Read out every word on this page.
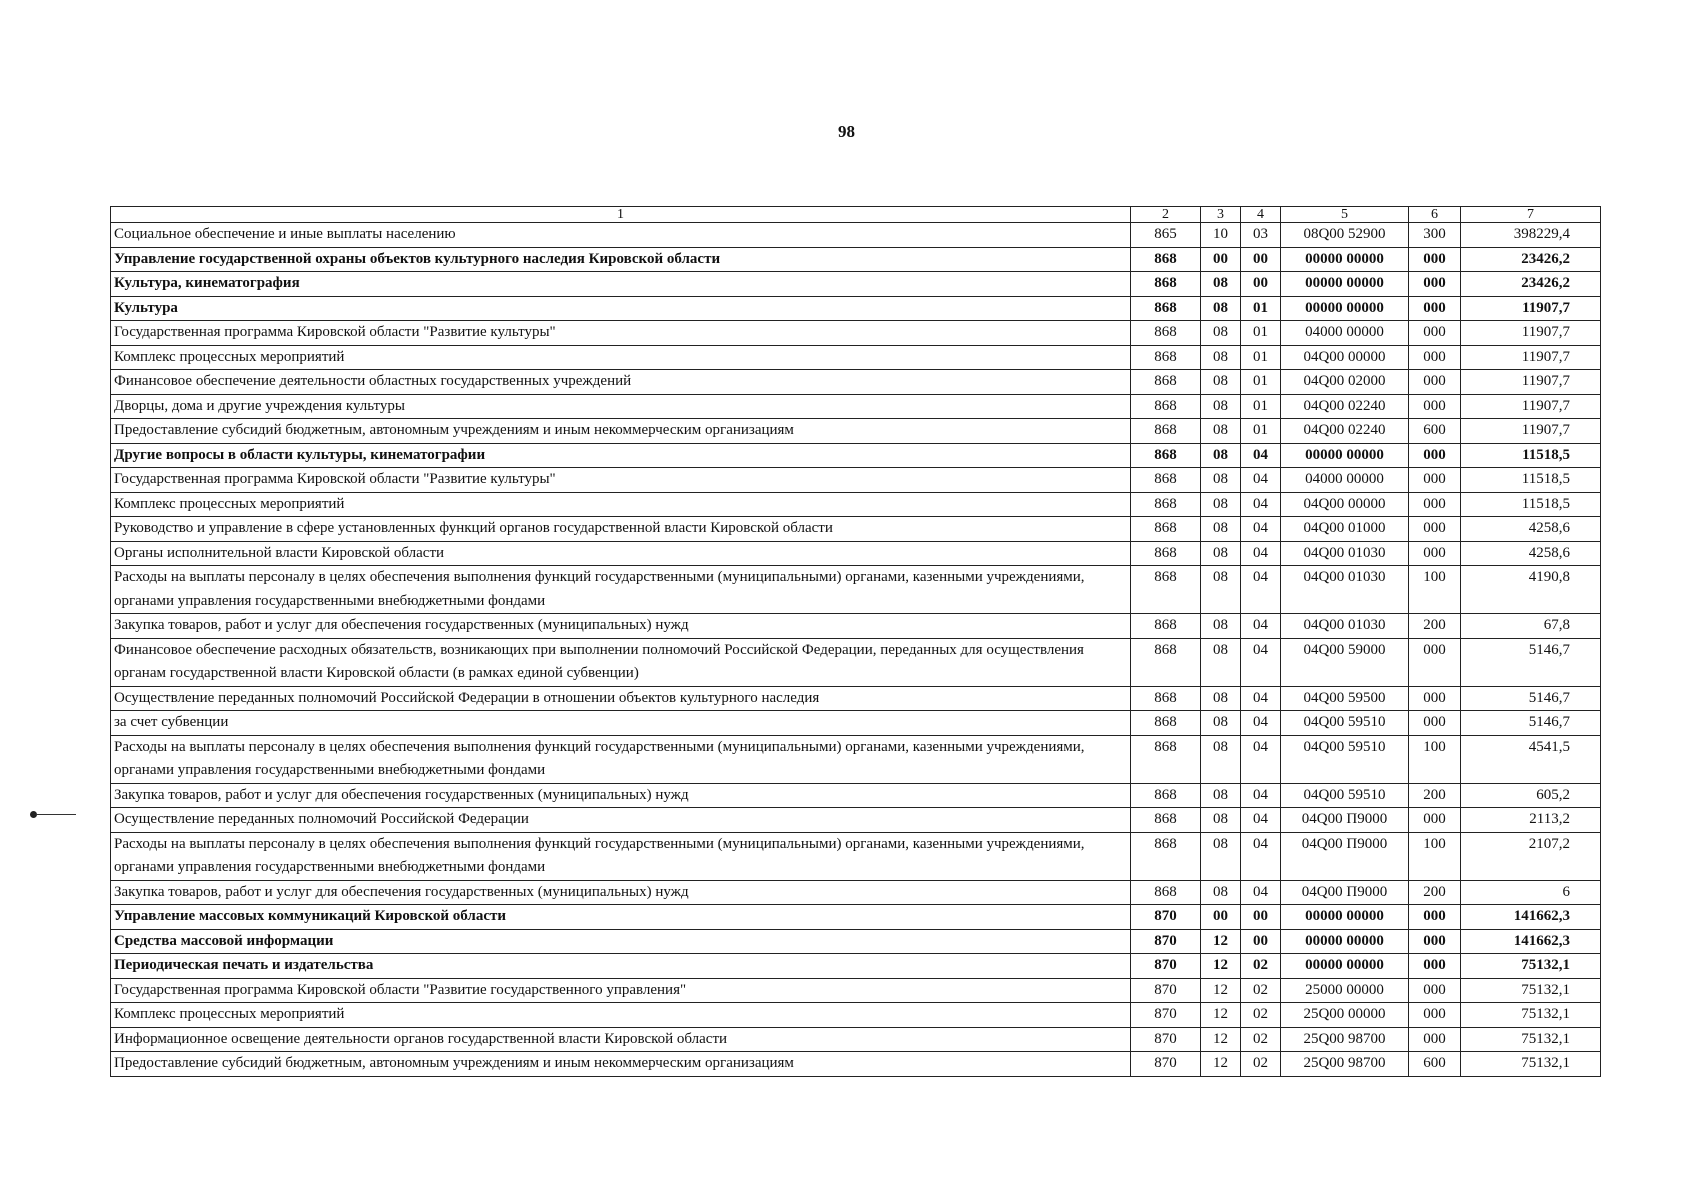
98
1	2	3	4	5	6	7
Социальное обеспечение и иные выплаты населению	865	10	03	08Q00 52900	300	398229,4
Управление государственной охраны объектов культурного наследия Кировской области	868	00	00	00000 00000	000	23426,2
Культура, кинематография	868	08	00	00000 00000	000	23426,2
Культура	868	08	01	00000 00000	000	11907,7
Государственная программа Кировской области "Развитие культуры"	868	08	01	04000 00000	000	11907,7
Комплекс процессных мероприятий	868	08	01	04Q00 00000	000	11907,7
Финансовое обеспечение деятельности областных государственных учреждений	868	08	01	04Q00 02000	000	11907,7
Дворцы, дома и другие учреждения культуры	868	08	01	04Q00 02240	000	11907,7
Предоставление субсидий бюджетным, автономным учреждениям и иным некоммерческим организациям	868	08	01	04Q00 02240	600	11907,7
Другие вопросы в области культуры, кинематографии	868	08	04	00000 00000	000	11518,5
Государственная программа Кировской области "Развитие культуры"	868	08	04	04000 00000	000	11518,5
Комплекс процессных мероприятий	868	08	04	04Q00 00000	000	11518,5
Руководство и управление в сфере установленных функций органов государственной власти Кировской области	868	08	04	04Q00 01000	000	4258,6
Органы исполнительной власти Кировской области	868	08	04	04Q00 01030	000	4258,6
Расходы на выплаты персоналу в целях обеспечения выполнения функций государственными (муниципальными) органами, казенными учреждениями, органами управления государственными внебюджетными фондами	868	08	04	04Q00 01030	100	4190,8
Закупка товаров, работ и услуг для обеспечения государственных (муниципальных) нужд	868	08	04	04Q00 01030	200	67,8
Финансовое обеспечение расходных обязательств, возникающих при выполнении полномочий Российской Федерации, переданных для осуществления органам государственной власти Кировской области (в рамках единой субвенции)	868	08	04	04Q00 59000	000	5146,7
Осуществление переданных полномочий Российской Федерации в отношении объектов культурного наследия	868	08	04	04Q00 59500	000	5146,7
за счет субвенции	868	08	04	04Q00 59510	000	5146,7
Расходы на выплаты персоналу в целях обеспечения выполнения функций государственными (муниципальными) органами, казенными учреждениями, органами управления государственными внебюджетными фондами	868	08	04	04Q00 59510	100	4541,5
Закупка товаров, работ и услуг для обеспечения государственных (муниципальных) нужд	868	08	04	04Q00 59510	200	605,2
Осуществление переданных полномочий Российской Федерации	868	08	04	04Q00 П9000	000	2113,2
Расходы на выплаты персоналу в целях обеспечения выполнения функций государственными (муниципальными) органами, казенными учреждениями, органами управления государственными внебюджетными фондами	868	08	04	04Q00 П9000	100	2107,2
Закупка товаров, работ и услуг для обеспечения государственных (муниципальных) нужд	868	08	04	04Q00 П9000	200	6
Управление массовых коммуникаций Кировской области	870	00	00	00000 00000	000	141662,3
Средства массовой информации	870	12	00	00000 00000	000	141662,3
Периодическая печать и издательства	870	12	02	00000 00000	000	75132,1
Государственная программа Кировской области "Развитие государственного управления"	870	12	02	25000 00000	000	75132,1
Комплекс процессных мероприятий	870	12	02	25Q00 00000	000	75132,1
Информационное освещение деятельности органов государственной власти Кировской области	870	12	02	25Q00 98700	000	75132,1
Предоставление субсидий бюджетным, автономным учреждениям и иным некоммерческим организациям	870	12	02	25Q00 98700	600	75132,1
